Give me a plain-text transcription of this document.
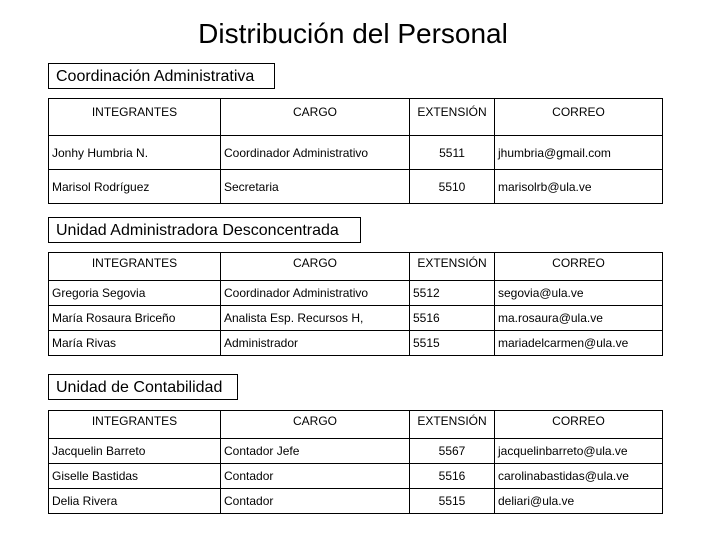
Distribución del Personal
Coordinación Administrativa
INTEGRANTES	CARGO	EXTENSIÓN	CORREO
Jonhy Humbria N.	Coordinador Administrativo	5511	jhumbria@gmail.com
Marisol Rodríguez	Secretaria	5510	marisolrb@ula.ve
Unidad Administradora Desconcentrada
INTEGRANTES	CARGO	EXTENSIÓN	CORREO
Gregoria Segovia	Coordinador Administrativo	5512	segovia@ula.ve
María Rosaura Briceño	Analista Esp. Recursos H,	5516	ma.rosaura@ula.ve
María Rivas	Administrador	5515	mariadelcarmen@ula.ve
Unidad de Contabilidad
INTEGRANTES	CARGO	EXTENSIÓN	CORREO
Jacquelin Barreto	Contador Jefe	5567	jacquelinbarreto@ula.ve
Giselle Bastidas	Contador	5516	carolinabastidas@ula.ve
Delia Rivera	Contador	5515	deliari@ula.ve
